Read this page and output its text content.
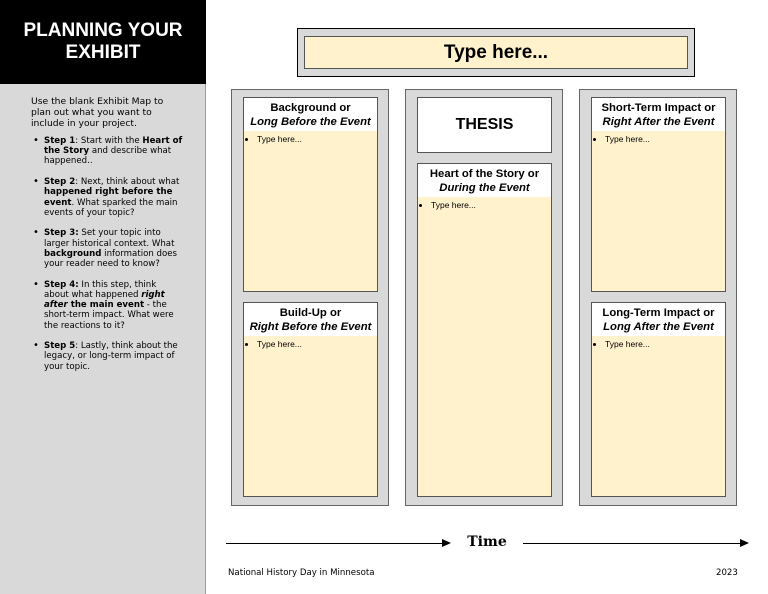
PLANNING YOUR
EXHIBIT
Use the blank Exhibit Map to plan out what you want to include in your project.
• Step 1: Start with the Heart of the Story and describe what happened..
• Step 2: Next, think about what happened right before the event. What sparked the main events of your topic?
• Step 3: Set your topic into larger historical context. What background information does your reader need to know?
• Step 4: In this step, think about what happened right after the main event - the short-term impact. What were the reactions to it?
• Step 5: Lastly, think about the legacy, or long-term impact of your topic.
Type here...
Background or
Long Before the Event
• Type here...
Build-Up or
Right Before the Event
• Type here...
THESIS
Heart of the Story or
During the Event
• Type here...
Short-Term Impact or
Right After the Event
• Type here...
Long-Term Impact or
Long After the Event
• Type here...
Time
National History Day in Minnesota	2023
